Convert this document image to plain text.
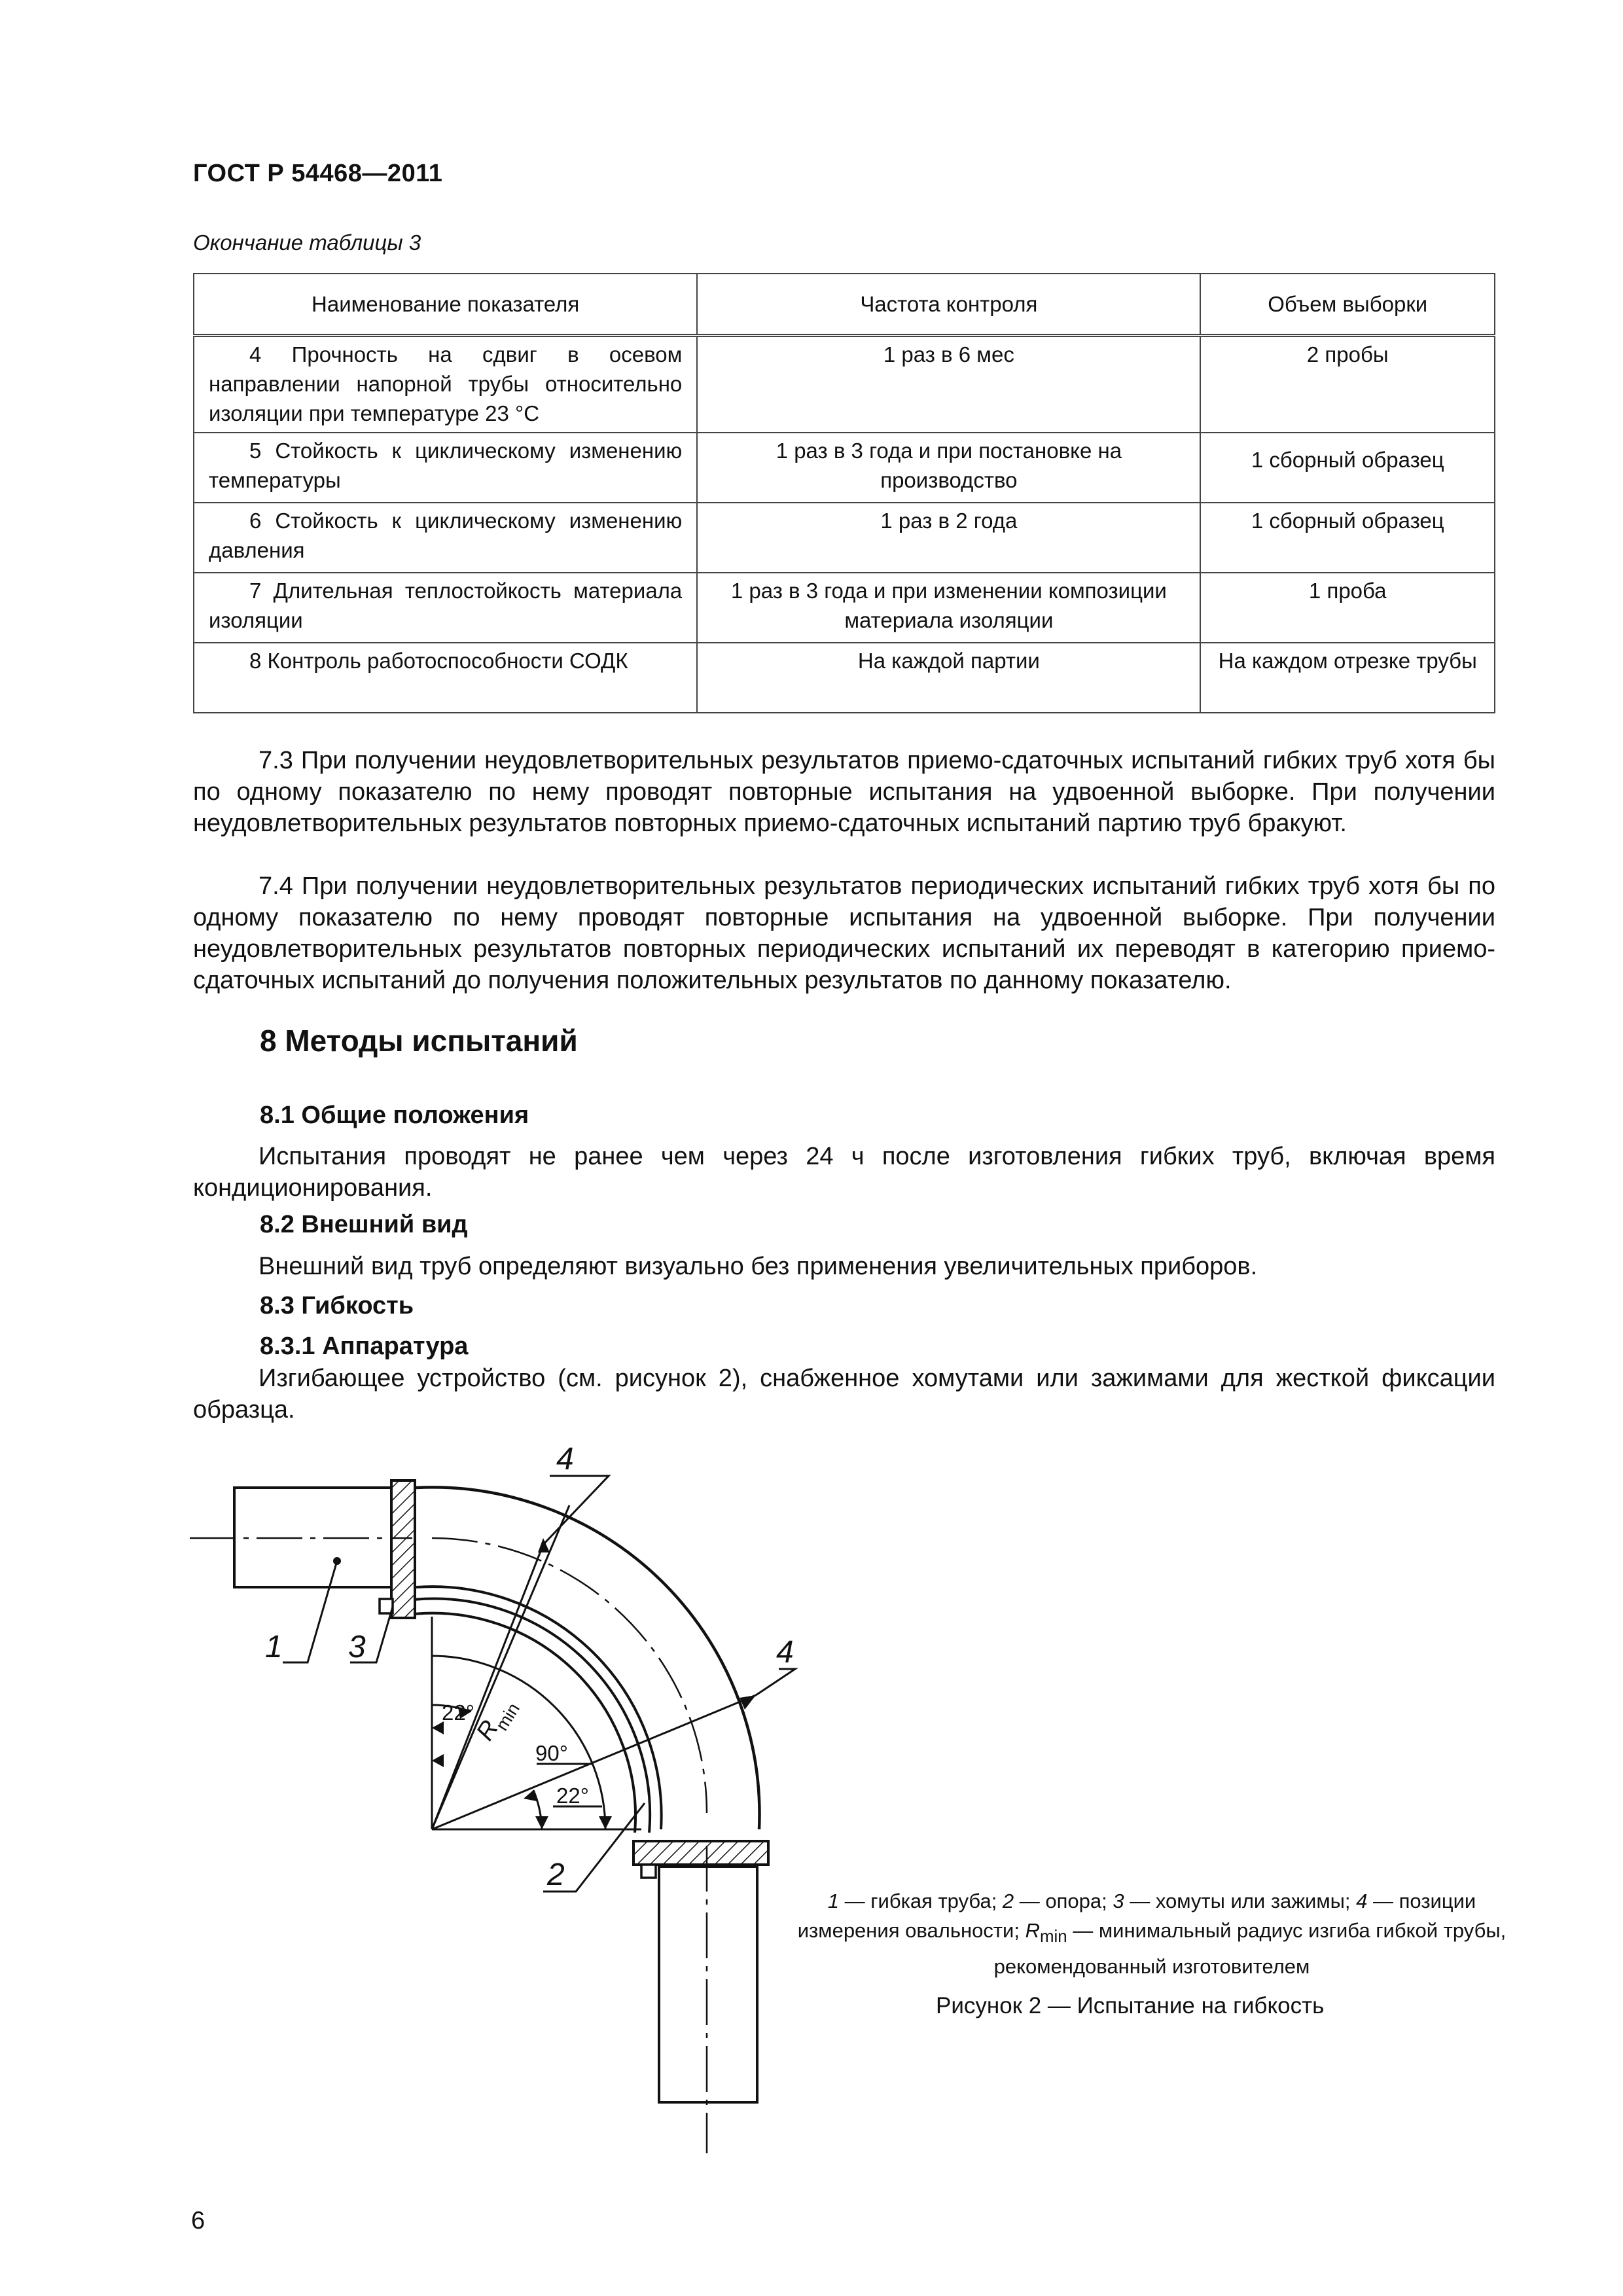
ГОСТ Р 54468—2011
Окончание таблицы 3
Наименование показателя	Частота контроля	Объем выборки
4 Прочность на сдвиг в осевом направлении напорной трубы относительно изоляции при температуре 23 °С	1 раз в 6 мес	2 пробы
5 Стойкость к циклическому изменению температуры	1 раз в 3 года и при постановке на производство	1 сборный образец
6 Стойкость к циклическому изменению давления	1 раз в 2 года	1 сборный образец
7 Длительная теплостойкость материала изоляции	1 раз в 3 года и при изменении композиции материала изоляции	1 проба
8 Контроль работоспособности СОДК	На каждой партии	На каждом отрезке трубы
7.3 При получении неудовлетворительных результатов приемо-сдаточных испытаний гибких труб хотя бы по одному показателю по нему проводят повторные испытания на удвоенной выборке. При получении неудовлетворительных результатов повторных приемо-сдаточных испытаний партию труб бракуют.
7.4 При получении неудовлетворительных результатов периодических испытаний гибких труб хотя бы по одному показателю по нему проводят повторные испытания на удвоенной выборке. При получении неудовлетворительных результатов повторных периодических испытаний их переводят в категорию приемо-сдаточных испытаний до получения положительных результатов по данному показателю.
8 Методы испытаний
8.1 Общие положения
Испытания проводят не ранее чем через 24 ч после изготовления гибких труб, включая время кондиционирования.
8.2 Внешний вид
Внешний вид труб определяют визуально без применения увеличительных приборов.
8.3 Гибкость
8.3.1 Аппаратура
Изгибающее устройство (см. рисунок 2), снабженное хомутами или зажимами для жесткой фиксации образца.
1 3
4
4
2
22°
90°
22°
R
min
1 — гибкая труба; 2 — опора; 3 — хомуты или зажимы; 4 — позиции измерения овальности; $R_{min}$ — минимальный радиус изгиба гибкой трубы, рекомендованный изготовителем
Рисунок 2 — Испытание на гибкость
6
